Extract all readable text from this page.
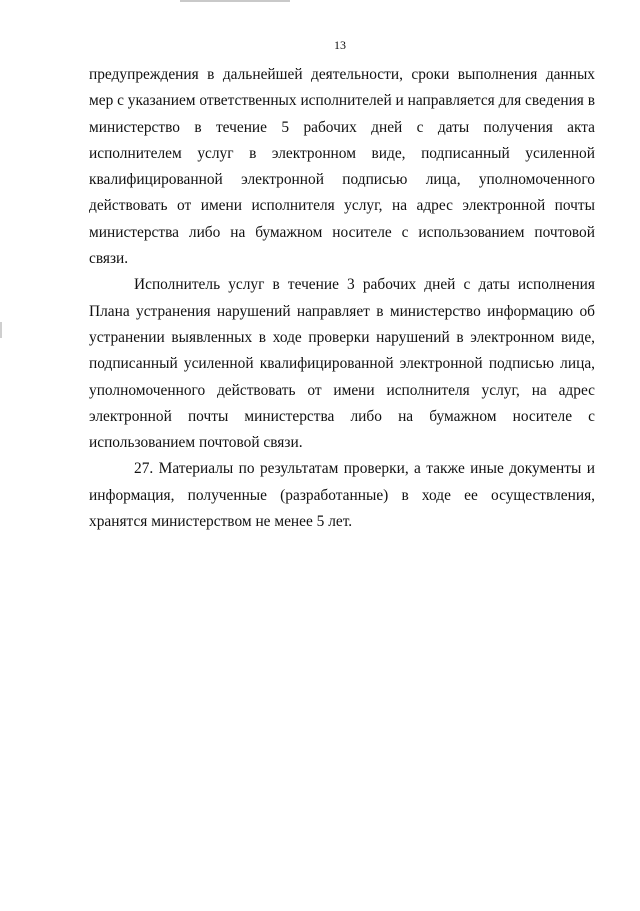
13

предупреждения в дальнейшей деятельности, сроки выполнения данных мер с указанием ответственных исполнителей и направляется для сведения в министерство в течение 5 рабочих дней с даты получения акта исполнителем услуг в электронном виде, подписанный усиленной квалифицированной электронной подписью лица, уполномоченного действовать от имени исполнителя услуг, на адрес электронной почты министерства либо на бумажном носителе с использованием почтовой связи.

Исполнитель услуг в течение 3 рабочих дней с даты исполнения Плана устранения нарушений направляет в министерство информацию об устранении выявленных в ходе проверки нарушений в электронном виде, подписанный усиленной квалифицированной электронной подписью лица, уполномоченного действовать от имени исполнителя услуг, на адрес электронной почты министерства либо на бумажном носителе с использованием почтовой связи.

27. Материалы по результатам проверки, а также иные документы и информация, полученные (разработанные) в ходе ее осуществления, хранятся министерством не менее 5 лет.
